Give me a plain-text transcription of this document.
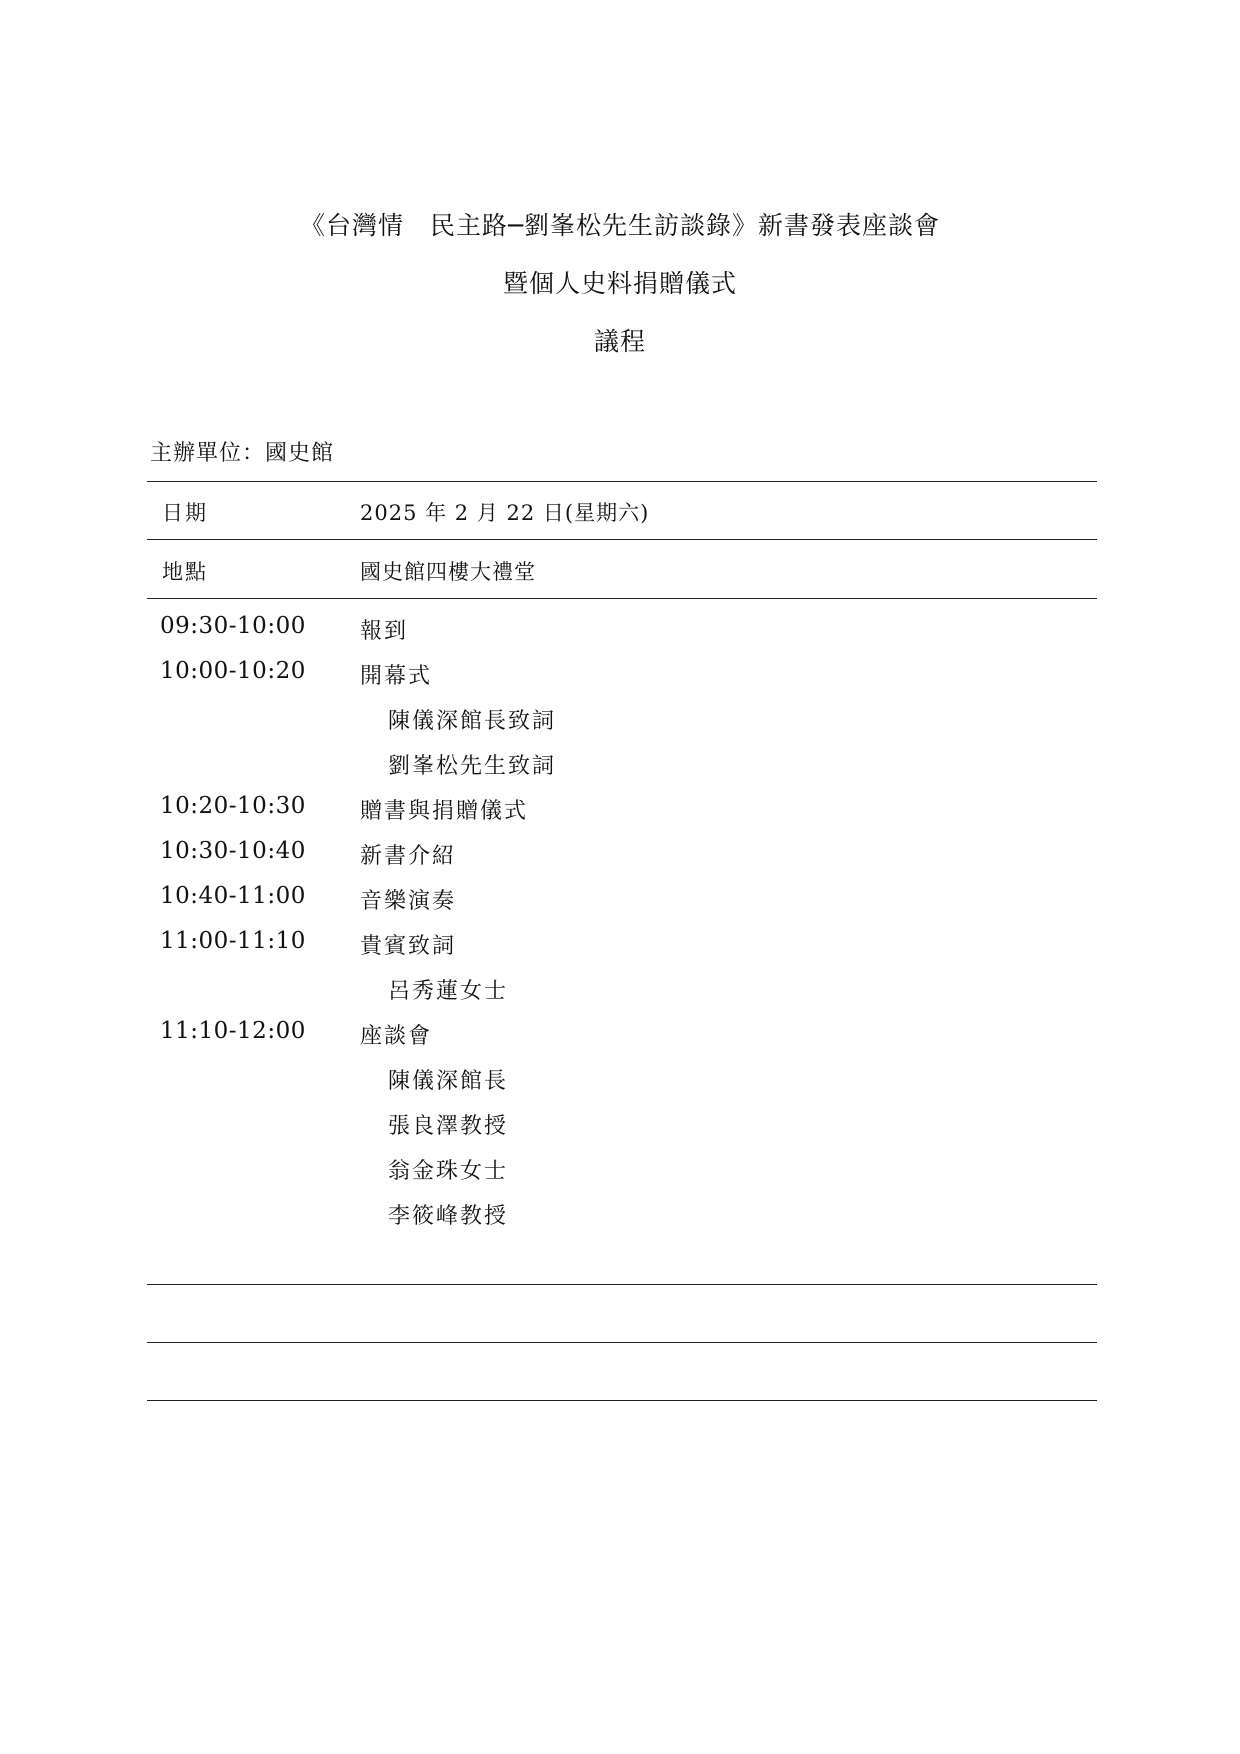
《台灣情　民主路─劉峯松先生訪談錄》新書發表座談會
暨個人史料捐贈儀式
議程
主辦單位：國史館
日期	2025 年 2 月 22 日(星期六)
地點	國史館四樓大禮堂
09:30-10:00 報到
10:00-10:20 開幕式
陳儀深館長致詞
劉峯松先生致詞
10:20-10:30 贈書與捐贈儀式
10:30-10:40 新書介紹
10:40-11:00 音樂演奏
11:00-11:10 貴賓致詞
呂秀蓮女士
11:10-12:00 座談會
陳儀深館長
張良澤教授
翁金珠女士
李筱峰教授
